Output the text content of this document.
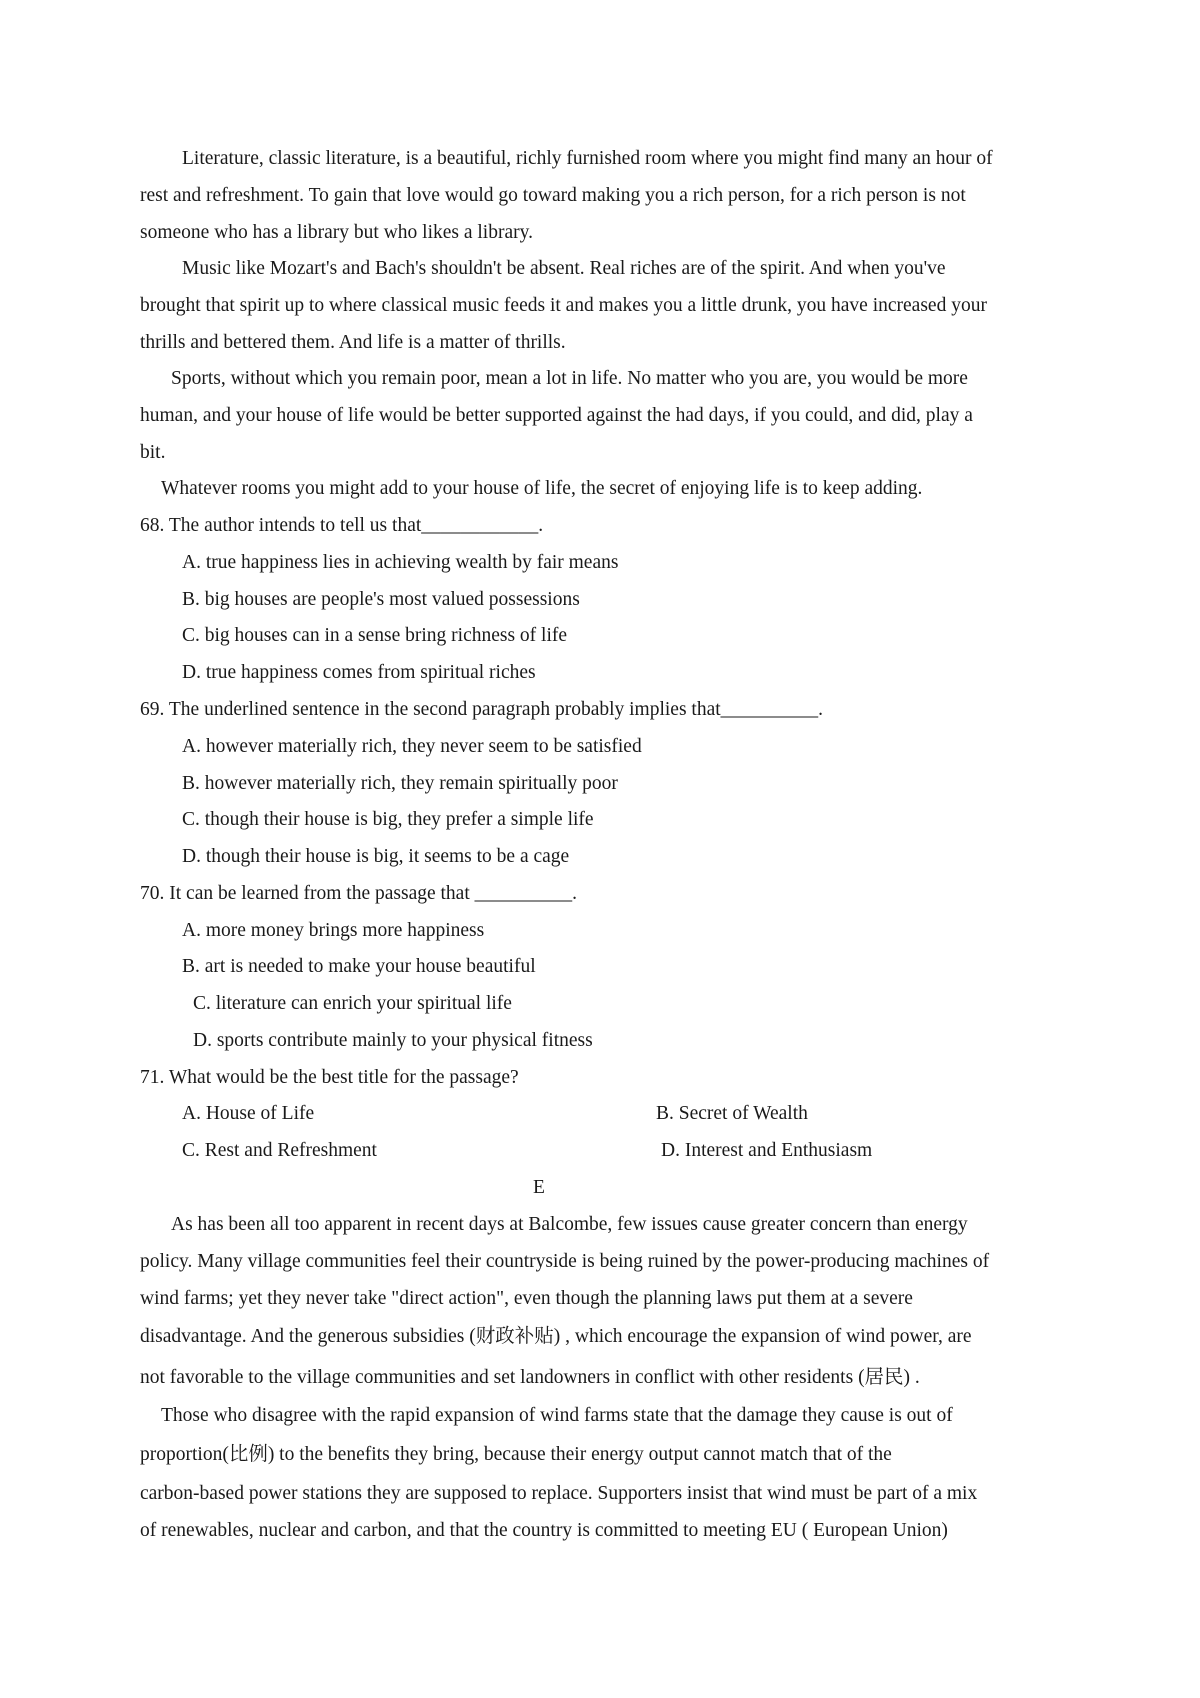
Literature, classic literature, is a beautiful, richly furnished room where you might find many an hour of
rest and refreshment. To gain that love would go toward making you a rich person, for a rich person is not
someone who has a library but who likes a library.
Music like Mozart's and Bach's shouldn't be absent. Real riches are of the spirit. And when you've
brought that spirit up to where classical music feeds it and makes you a little drunk, you have increased your
thrills and bettered them. And life is a matter of thrills.
Sports, without which you remain poor, mean a lot in life. No matter who you are, you would be more
human, and your house of life would be better supported against the had days, if you could, and did, play a
bit.
Whatever rooms you might add to your house of life, the secret of enjoying life is to keep adding.
68. The author intends to tell us that____________.
A. true happiness lies in achieving wealth by fair means
B. big houses are people's most valued possessions
C. big houses can in a sense bring richness of life
D. true happiness comes from spiritual riches
69. The underlined sentence in the second paragraph probably implies that__________.
A. however materially rich, they never seem to be satisfied
B. however materially rich, they remain spiritually poor
C. though their house is big, they prefer a simple life
D. though their house is big, it seems to be a cage
70. It can be learned from the passage that __________.
A. more money brings more happiness
B. art is needed to make your house beautiful
C. literature can enrich your spiritual life
D. sports contribute mainly to your physical fitness
71. What would be the best title for the passage?
A. House of Life	B. Secret of Wealth
C. Rest and Refreshment	D. Interest and Enthusiasm
E
As has been all too apparent in recent days at Balcombe, few issues cause greater concern than energy
policy. Many village communities feel their countryside is being ruined by the power-producing machines of
wind farms; yet they never take "direct action", even though the planning laws put them at a severe
disadvantage. And the generous subsidies (财政补贴) , which encourage the expansion of wind power, are
not favorable to the village communities and set landowners in conflict with other residents (居民) .
Those who disagree with the rapid expansion of wind farms state that the damage they cause is out of
proportion(比例) to the benefits they bring, because their energy output cannot match that of the
carbon-based power stations they are supposed to replace. Supporters insist that wind must be part of a mix
of renewables, nuclear and carbon, and that the country is committed to meeting EU ( European Union)
